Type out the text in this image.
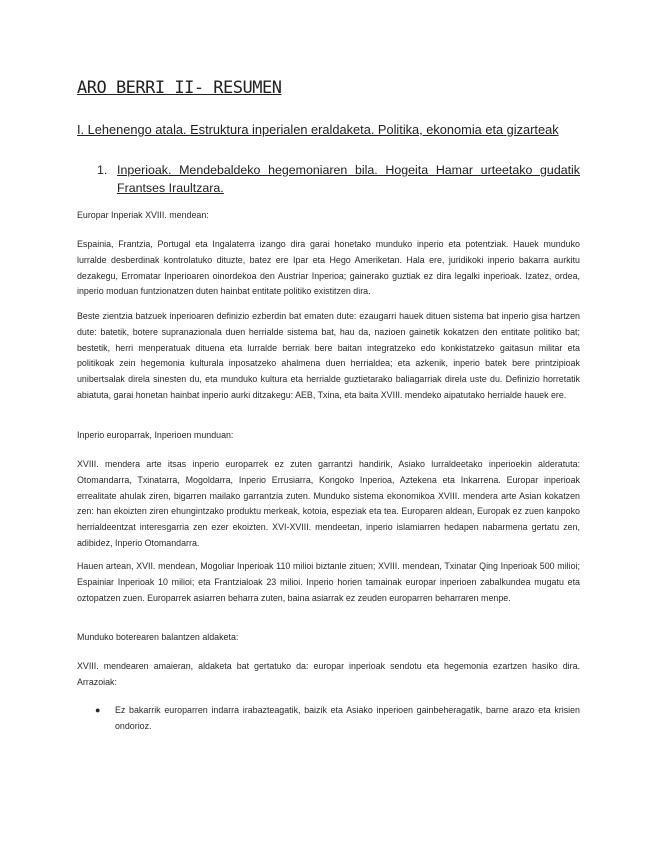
ARO BERRI II- RESUMEN
I. Lehenengo atala. Estruktura inperialen eraldaketa. Politika, ekonomia eta gizarteak
1. Inperioak. Mendebaldeko hegemoniaren bila. Hogeita Hamar urteetako gudatik Frantses Iraultzara.

Europar Inperiak XVIII. mendean:

Espainia, Frantzia, Portugal eta Ingalaterra izango dira garai honetako munduko inperio eta potentziak. Hauek munduko lurralde desberdinak kontrolatuko dituzte, batez ere Ipar eta Hego Ameriketan. Hala ere, juridikoki inperio bakarra aurkitu dezakegu, Erromatar Inperioaren oinordekoa den Austriar Inperioa; gainerako guztiak ez dira legalki inperioak. Izatez, ordea, inperio moduan funtzionatzen duten hainbat entitate politiko existitzen dira.

Beste zientzia batzuek inperioaren definizio ezberdin bat ematen dute: ezaugarri hauek dituen sistema bat inperio gisa hartzen dute: batetik, botere supranazionala duen herrialde sistema bat, hau da, nazioen gainetik kokatzen den entitate politiko bat; bestetik, herri menperatuak dituena eta lurralde berriak bere baitan integratzeko edo konkistatzeko gaitasun militar eta politikoak zein hegemonia kulturala inposatzeko ahalmena duen herrialdea; eta azkenik, inperio batek bere printzipioak unibertsalak direla sinesten du, eta munduko kultura eta herrialde guztietarako baliagarriak direla uste du. Definizio horretatik abiatuta, garai honetan hainbat inperio aurki ditzakegu: AEB, Txina, eta baita XVIII. mendeko aipatutako herrialde hauek ere.

Inperio europarrak, Inperioen munduan:

XVIII. mendera arte itsas inperio europarrek ez zuten garrantzi handirik, Asiako lurraldeetako inperioekin alderatuta: Otomandarra, Txinatarra, Mogoldarra, Inperio Errusiarra, Kongoko Inperioa, Aztekena eta Inkarrena. Europar inperioak errealitate ahulak ziren, bigarren mailako garrantzia zuten. Munduko sistema ekonomikoa XVIII. mendera arte Asian kokatzen zen: han ekoizten ziren ehungintzako produktu merkeak, kotoia, espeziak eta tea. Europaren aldean, Europak ez zuen kanpoko herrialdeentzat interesgarria zen ezer ekoizten. XVI-XVIII. mendeetan, inperio islamiarren hedapen nabarmena gertatu zen, adibidez, Inperio Otomandarra.

Hauen artean, XVII. mendean, Mogoliar Inperioak 110 milioi biztanle zituen; XVIII. mendean, Txinatar Qing Inperioak 500 milioi; Espainiar Inperioak 10 milioi; eta Frantzialoak 23 milioi. Inperio horien tamainak europar inperioen zabalkundea mugatu eta oztopatzen zuen. Europarrek asiarren beharra zuten, baina asiarrak ez zeuden europarren beharraren menpe.

Munduko boterearen balantzen aldaketa:

XVIII. mendearen amaieran, aldaketa bat gertatuko da: europar inperioak sendotu eta hegemonia ezartzen hasiko dira. Arrazoiak:

●	Ez bakarrik europarren indarra irabazteagatik, baizik eta Asiako inperioen gainbeheragatik, barne arazo eta krisien ondorioz.
